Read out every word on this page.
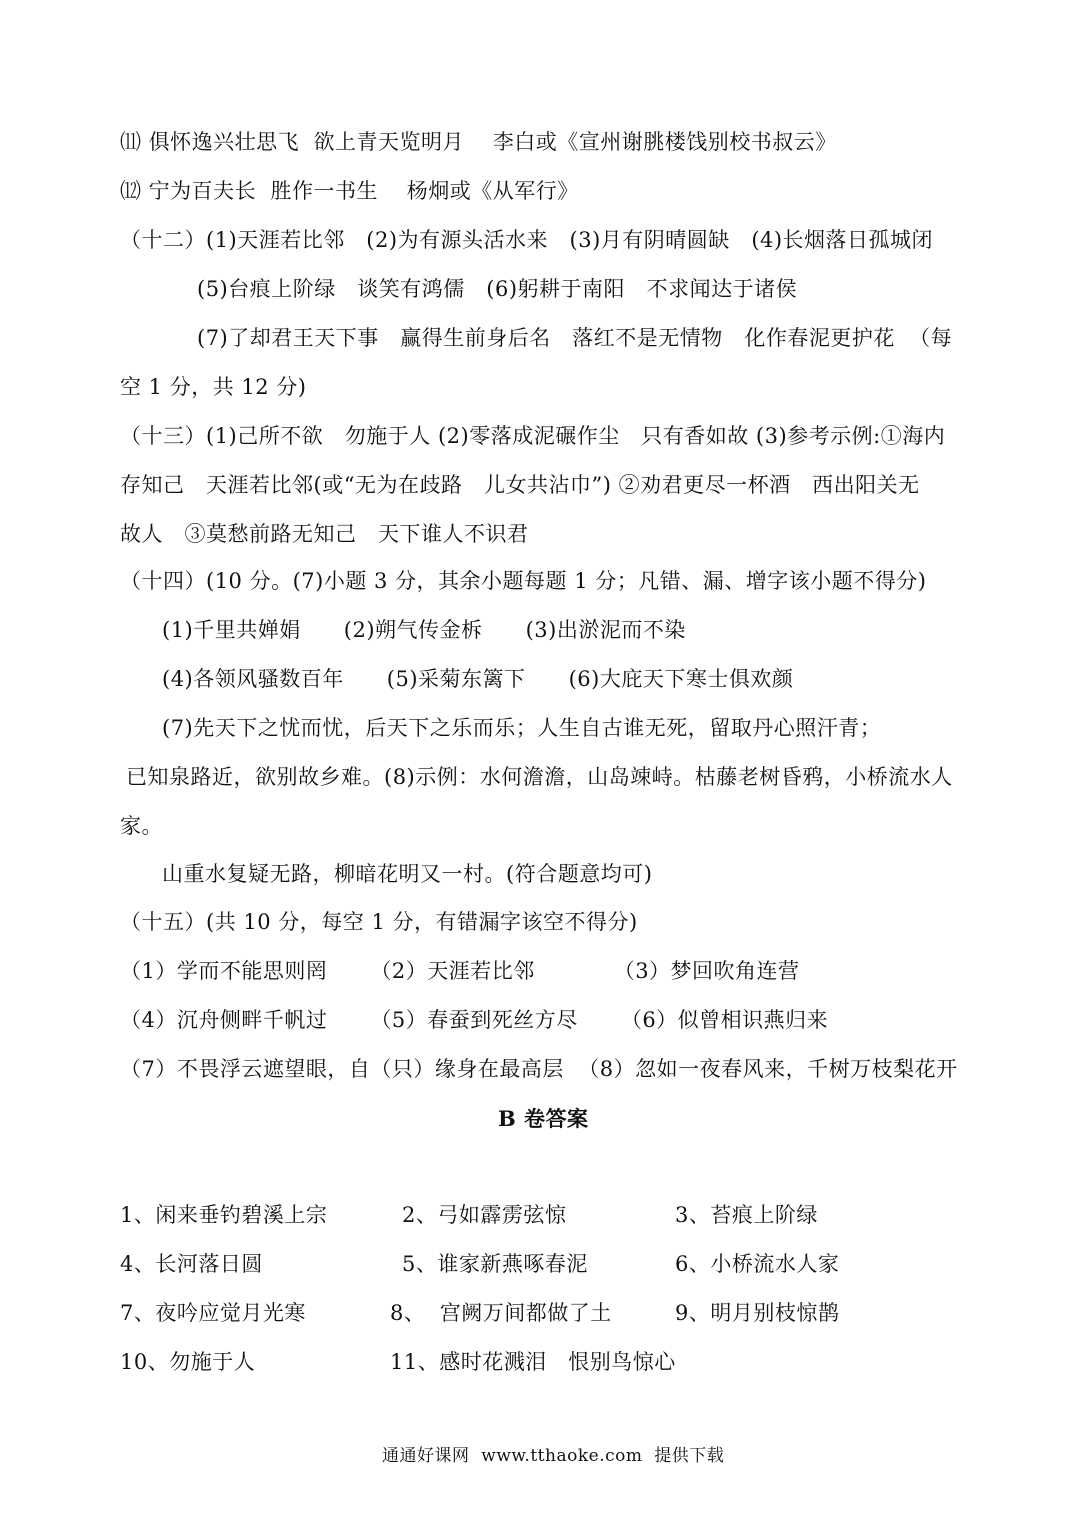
⑾ 俱怀逸兴壮思飞  欲上青天览明月    李白或《宣州谢朓楼饯别校书叔云》
⑿ 宁为百夫长  胜作一书生    杨炯或《从军行》
（十二）(1)天涯若比邻   (2)为有源头活水来   (3)月有阴晴圆缺   (4)长烟落日孤城闭
(5)台痕上阶绿   谈笑有鸿儒   (6)躬耕于南阳   不求闻达于诸侯
(7)了却君王天下事   赢得生前身后名   落红不是无情物   化作春泥更护花  （每
空 1 分，共 12 分)
（十三）(1)己所不欲   勿施于人 (2)零落成泥碾作尘   只有香如故 (3)参考示例:①海内
存知己   天涯若比邻(或“无为在歧路   儿女共沾巾”) ②劝君更尽一杯酒   西出阳关无
故人   ③莫愁前路无知己   天下谁人不识君
（十四）(10 分。(7)小题 3 分，其余小题每题 1 分；凡错、漏、增字该小题不得分)
(1)千里共婵娟      (2)朔气传金柝      (3)出淤泥而不染
(4)各领风骚数百年      (5)采菊东篱下      (6)大庇天下寒士俱欢颜
(7)先天下之忧而忧，后天下之乐而乐；人生自古谁无死，留取丹心照汗青；
已知泉路近，欲别故乡难。(8)示例：水何澹澹，山岛竦峙。枯藤老树昏鸦，小桥流水人
家。
山重水复疑无路，柳暗花明又一村。(符合题意均可)
（十五）(共 10 分，每空 1 分，有错漏字该空不得分)
（1）学而不能思则罔      （2）天涯若比邻           （3）梦回吹角连营
（4）沉舟侧畔千帆过      （5）春蚕到死丝方尽      （6）似曾相识燕归来
（7）不畏浮云遮望眼，自（只）缘身在最高层  （8）忽如一夜春风来，千树万枝梨花开
B 卷答案
1、闲来垂钓碧溪上宗	2、弓如霹雳弦惊	3、苔痕上阶绿
4、长河落日圆	5、谁家新燕啄春泥	6、小桥流水人家
7、夜吟应觉月光寒	8、  宫阙万间都做了土	9、明月别枝惊鹊
10、勿施于人	11、感时花溅泪   恨别鸟惊心
通通好课网  www.tthaoke.com  提供下载
